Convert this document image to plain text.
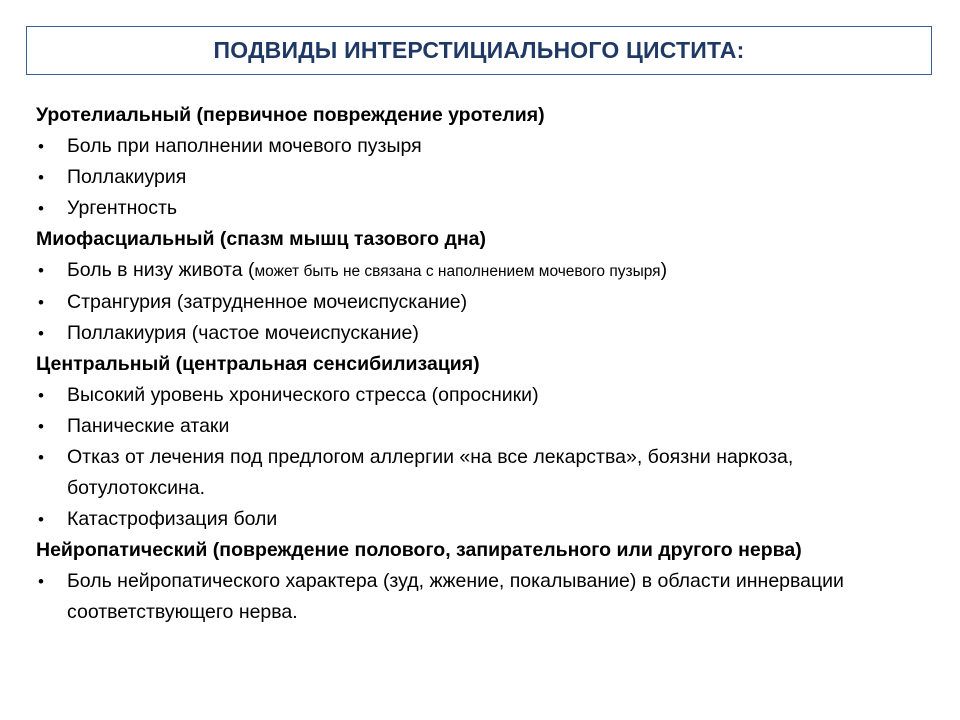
ПОДВИДЫ ИНТЕРСТИЦИАЛЬНОГО ЦИСТИТА:

Уротелиальный (первичное повреждение уротелия)

• Боль при наполнении мочевого пузыря
• Поллакиурия
• Ургентность

Миофасциальный (спазм мышц тазового дна)

• Боль в низу живота (может быть не связана с наполнением мочевого пузыря)
• Странгурия (затрудненное мочеиспускание)
• Поллакиурия (частое мочеиспускание)

Центральный (центральная сенсибилизация)

• Высокий уровень хронического стресса (опросники)
• Панические атаки
• Отказ от лечения под предлогом аллергии «на все лекарства», боязни наркоза, ботулотоксина.
• Катастрофизация боли

Нейропатический (повреждение полового, запирательного или другого нерва)

• Боль нейропатического характера (зуд, жжение, покалывание) в области иннервации соответствующего нерва.
